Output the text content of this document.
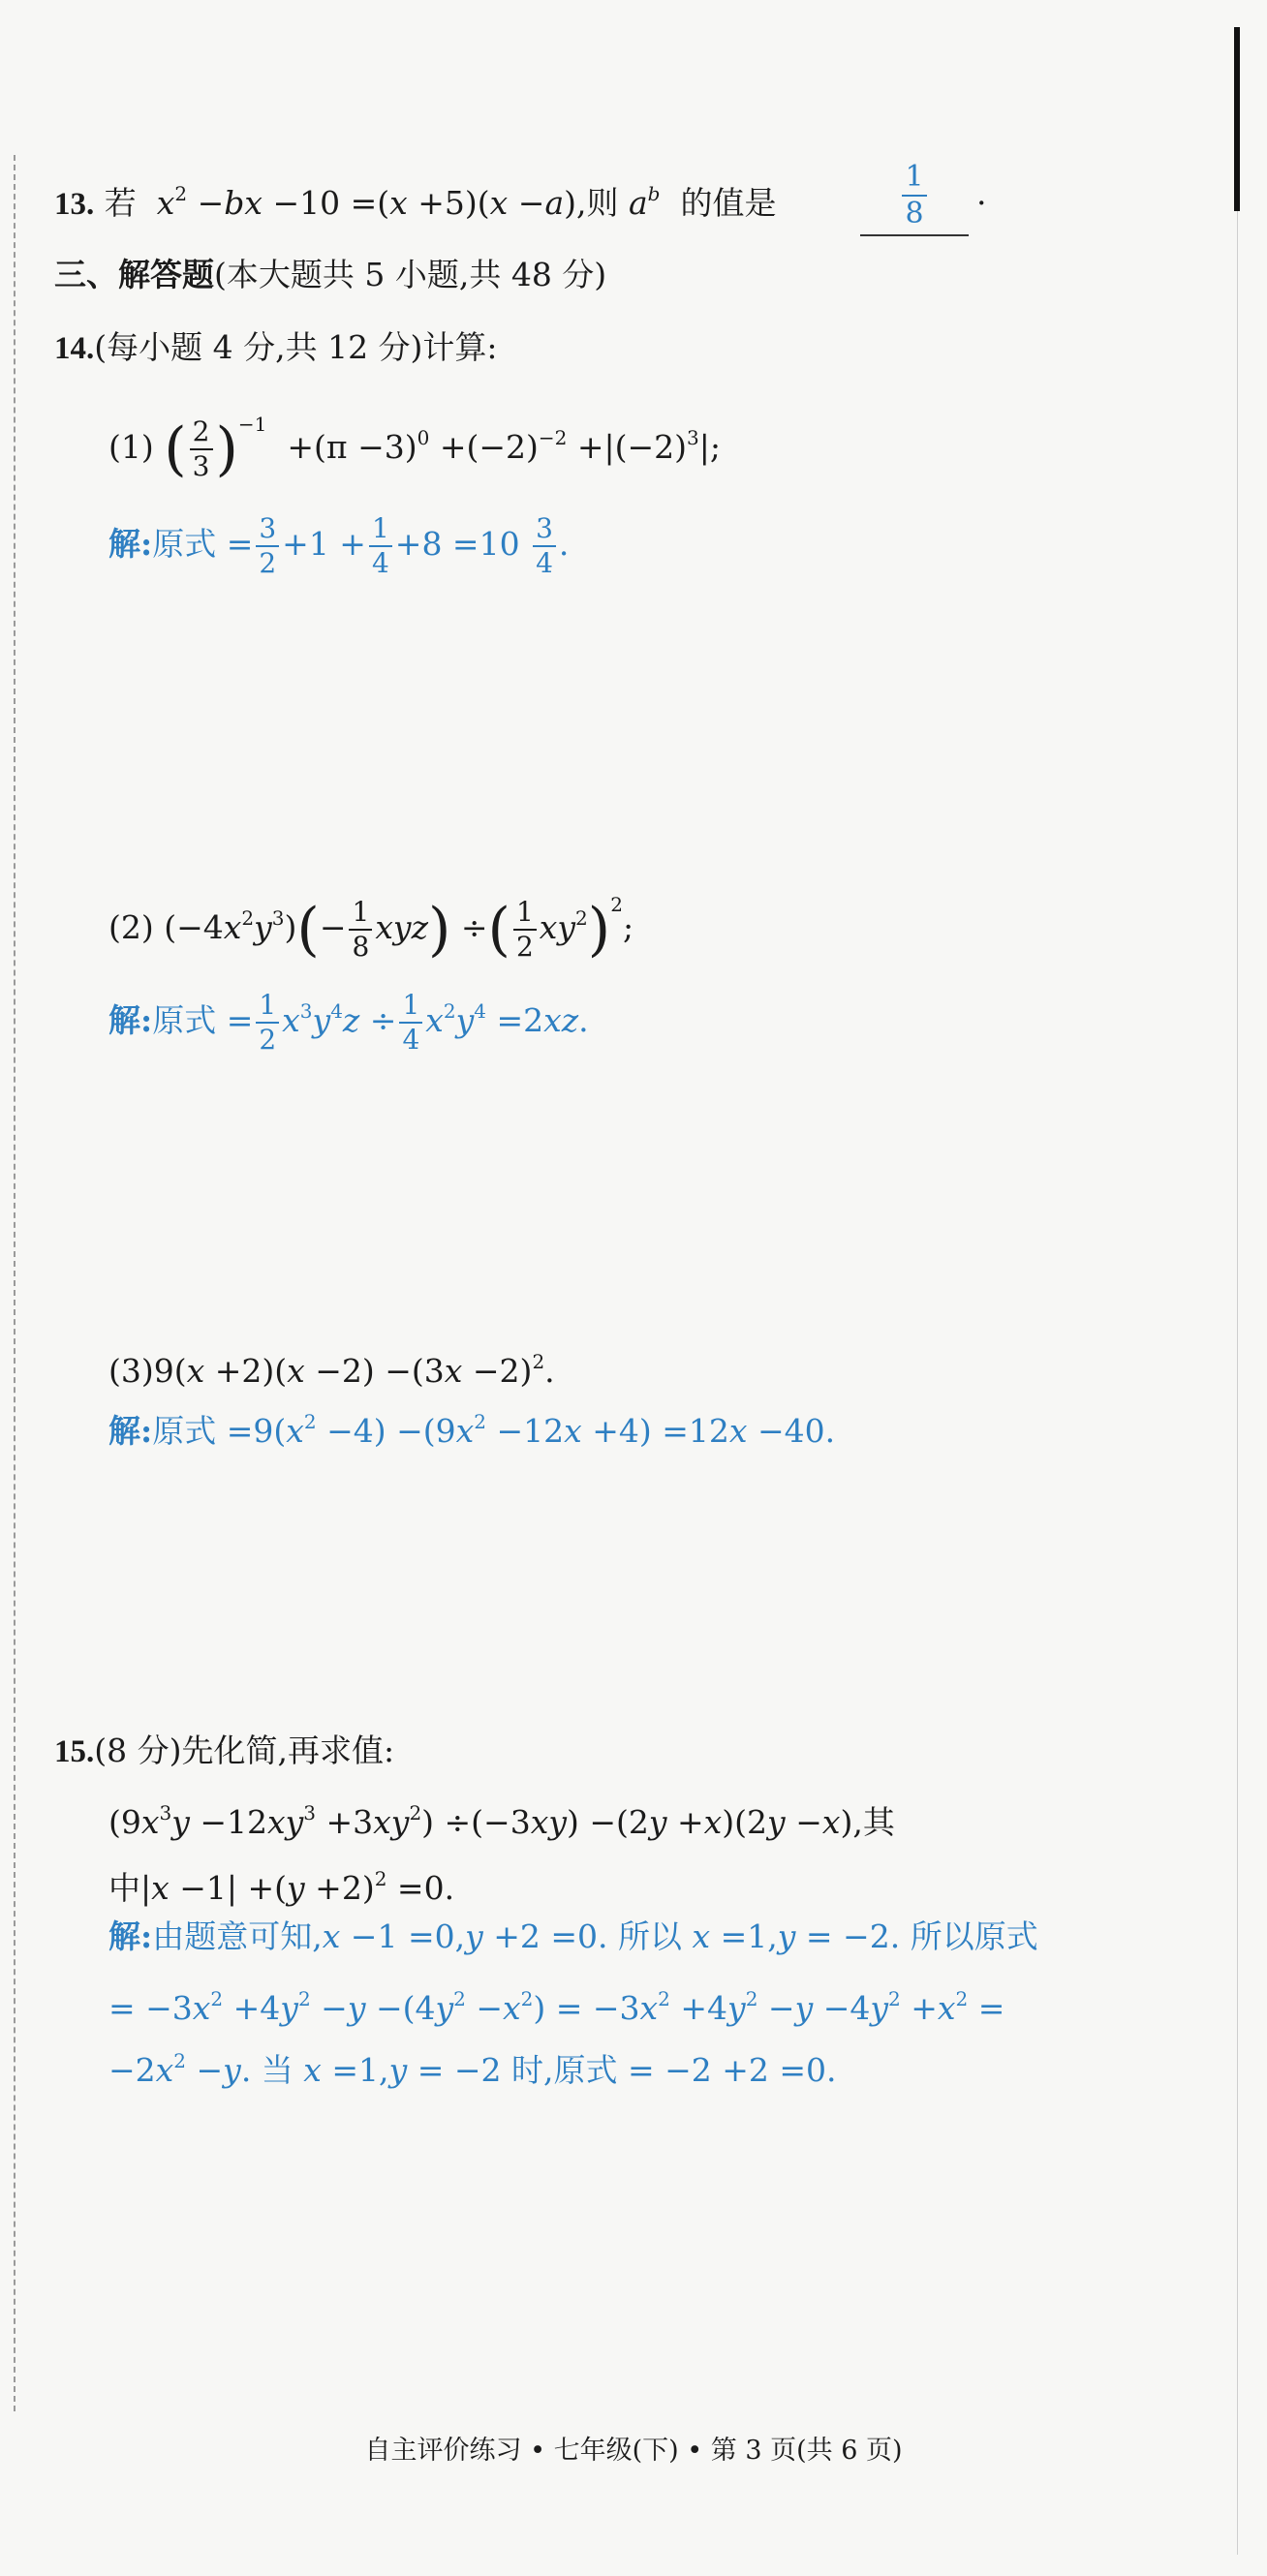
13. 若 $x^2 -bx -10 =(x +5)(x -a)$,则 $a^b$ 的值是	$\frac{1}{8}$ .
三、解答题(本大题共 5 小题,共 48 分)
14.(每小题 4 分,共 12 分)计算:
(1) ( $\frac{2}{3} )^{-1} +(\pi -3)^0 +(-2)^{-2} +|(-2)^3|$;
解:原式 = $\frac{3}{2} +1 + \frac{1}{4} +8 =10 \frac{3}{4}$ .
(2) $(-4x^2y^3)(- \frac{1}{8} xyz)$ ÷( $\frac{1}{2} xy^2)^2$;
解:原式 = $\frac{1}{2} x^3y^4z \div \frac{1}{4} x^2y^4 =2xz$.
$(3)9(x +2)(x -2) -(3x -2)^2$.
解:原式 $=9(x^2 -4) -(9x^2 -12x +4) =12x -40$.
15.(8 分)先化简,再求值:
$(9x^3y -12xy^3 +3xy^2) \div(-3xy) -(2y +x)(2y -x)$,其
中$|x -1| +(y +2)^2 =0$.
解:由题意可知,x −1 =0,y +2 =0. 所以 x =1,y = −2. 所以原式
= $-3x^2 +4y^2 -y -(4y^2 -x^2) = -3x^2 +4y^2 -y -4y^2 +x^2$ =
$-2x^2 -y$. 当 x =1,y = −2 时,原式 = −2 +2 =0.
自主评价练习 • 七年级(下) • 第 3 页(共 6 页)
